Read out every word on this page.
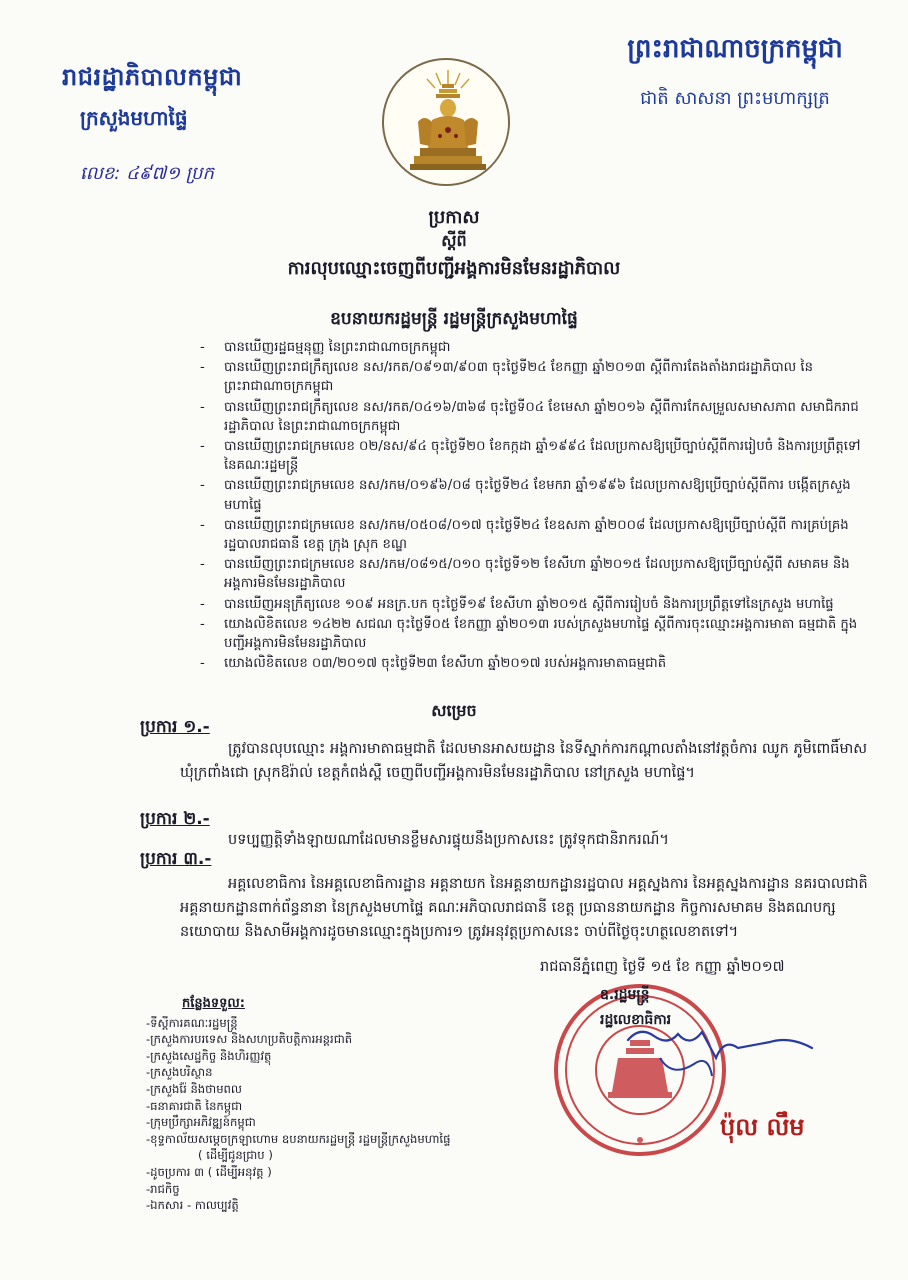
រាជរដ្ឋាភិបាលកម្ពុជា
ក្រសួងមហាផ្ទៃ
លេខ: ៤៩៧១ ប្រក
ព្រះរាជាណាចក្រកម្ពុជា
ជាតិ សាសនា ព្រះមហាក្សត្រ
ប្រកាស
ស្តីពី
ការលុបឈ្មោះចេញពីបញ្ជីអង្គការមិនមែនរដ្ឋាភិបាល
ឧបនាយករដ្ឋមន្ត្រី រដ្ឋមន្ត្រីក្រសួងមហាផ្ទៃ
-	បានឃើញរដ្ឋធម្មនុញ្ញ នៃព្រះរាជាណាចក្រកម្ពុជា
-	បានឃើញព្រះរាជក្រឹត្យលេខ នស/រកត/០៩១៣/៩០៣ ចុះថ្ងៃទី២៤ ខែកញ្ញា ឆ្នាំ២០១៣ ស្តីពីការតែងតាំងរាជរដ្ឋាភិបាល នៃព្រះរាជាណាចក្រកម្ពុជា
-	បានឃើញព្រះរាជក្រឹត្យលេខ នស/រកត/០៤១៦/៣៦៨ ចុះថ្ងៃទី០៤ ខែមេសា ឆ្នាំ២០១៦ ស្តីពីការកែសម្រួលសមាសភាព សមាជិករាជរដ្ឋាភិបាល នៃព្រះរាជាណាចក្រកម្ពុជា
-	បានឃើញព្រះរាជក្រមលេខ ០២/នស/៩៤ ចុះថ្ងៃទី២០ ខែកក្កដា ឆ្នាំ១៩៩៤ ដែលប្រកាសឱ្យប្រើច្បាប់ស្តីពីការរៀបចំ និងការប្រព្រឹត្តទៅ នៃគណៈរដ្ឋមន្ត្រី
-	បានឃើញព្រះរាជក្រមលេខ នស/រកម/០១៩៦/០៨ ចុះថ្ងៃទី២៤ ខែមករា ឆ្នាំ១៩៩៦ ដែលប្រកាសឱ្យប្រើច្បាប់ស្តីពីការ បង្កើតក្រសួងមហាផ្ទៃ
-	បានឃើញព្រះរាជក្រមលេខ នស/រកម/០៥០៨/០១៧ ចុះថ្ងៃទី២៤ ខែឧសភា ឆ្នាំ២០០៨ ដែលប្រកាសឱ្យប្រើច្បាប់ស្តីពី ការគ្រប់គ្រងរដ្ឋបាលរាជធានី ខេត្ត ក្រុង ស្រុក ខណ្ឌ
-	បានឃើញព្រះរាជក្រមលេខ នស/រកម/០៨១៥/០១០ ចុះថ្ងៃទី១២ ខែសីហា ឆ្នាំ២០១៥ ដែលប្រកាសឱ្យប្រើច្បាប់ស្តីពី សមាគម និងអង្គការមិនមែនរដ្ឋាភិបាល
-	បានឃើញអនុក្រឹត្យលេខ ១០៩ អនក្រ.បក ចុះថ្ងៃទី១៩ ខែសីហា ឆ្នាំ២០១៥ ស្តីពីការរៀបចំ និងការប្រព្រឹត្តទៅនៃក្រសួង មហាផ្ទៃ
-	យោងលិខិតលេខ ១៤២២ សជណ ចុះថ្ងៃទី០៥ ខែកញ្ញា ឆ្នាំ២០១៣ របស់ក្រសួងមហាផ្ទៃ ស្តីពីការចុះឈ្មោះអង្គការមាតា ធម្មជាតិ ក្នុងបញ្ជីអង្គការមិនមែនរដ្ឋាភិបាល
-	យោងលិខិតលេខ ០៣/២០១៧ ចុះថ្ងៃទី២៣ ខែសីហា ឆ្នាំ២០១៧ របស់អង្គការមាតាធម្មជាតិ
សម្រេច
ប្រការ ១.-
ត្រូវបានលុបឈ្មោះ អង្គការមាតាធម្មជាតិ ដែលមានអាសយដ្ឋាន នៃទីស្នាក់ការកណ្តាលតាំងនៅវត្តចំការ ឈូក ភូមិពោធិ៍មាស ឃុំក្រពាំងជោ ស្រុកឱរ៉ាល់ ខេត្តកំពង់ស្ពឺ ចេញពីបញ្ជីអង្គការមិនមែនរដ្ឋាភិបាល នៅក្រសួង មហាផ្ទៃ។
ប្រការ ២.-
បទប្បញ្ញត្តិទាំងឡាយណាដែលមានខ្លឹមសារផ្ទុយនឹងប្រកាសនេះ ត្រូវទុកជានិរាករណ៍។
ប្រការ ៣.-
អគ្គលេខាធិការ នៃអគ្គលេខាធិការដ្ឋាន អគ្គនាយក នៃអគ្គនាយកដ្ឋានរដ្ឋបាល អគ្គស្នងការ នៃអគ្គស្នងការដ្ឋាន នគរបាលជាតិ អគ្គនាយកដ្ឋានពាក់ព័ន្ធនានា នៃក្រសួងមហាផ្ទៃ គណៈអភិបាលរាជធានី ខេត្ត ប្រធាននាយកដ្ឋាន កិច្ចការសមាគម និងគណបក្សនយោបាយ និងសាមីអង្គការដូចមានឈ្មោះក្នុងប្រការ១ ត្រូវអនុវត្តប្រកាសនេះ ចាប់ពីថ្ងៃចុះហត្ថលេខាតទៅ។
រាជធានីភ្នំពេញ ថ្ងៃទី ១៥ ខែ កញ្ញា ឆ្នាំ២០១៧
ឧ.រដ្ឋមន្ត្រី
រដ្ឋលេខាធិការ
ប៉ុល លឹម
កន្លែងទទួល:
-ទីស្តីការគណៈរដ្ឋមន្ត្រី
-ក្រសួងការបរទេស និងសហប្រតិបត្តិការអន្តរជាតិ
-ក្រសួងសេដ្ឋកិច្ច និងហិរញ្ញវត្ថុ
-ក្រសួងបរិស្ថាន
-ក្រសួងរ៉ែ និងថាមពល
-ធនាគារជាតិ នៃកម្ពុជា
-ក្រុមប្រឹក្សាអភិវឌ្ឍន៍កម្ពុជា
-ខុទ្ទកាល័យសម្តេចក្រឡាហោម ឧបនាយករដ្ឋមន្ត្រី រដ្ឋមន្ត្រីក្រសួងមហាផ្ទៃ
( ដើម្បីជូនជ្រាប )
-ដូចប្រការ ៣ ( ដើម្បីអនុវត្ត )
-រាជកិច្ច
-ឯកសារ - កាលប្បវត្តិ
